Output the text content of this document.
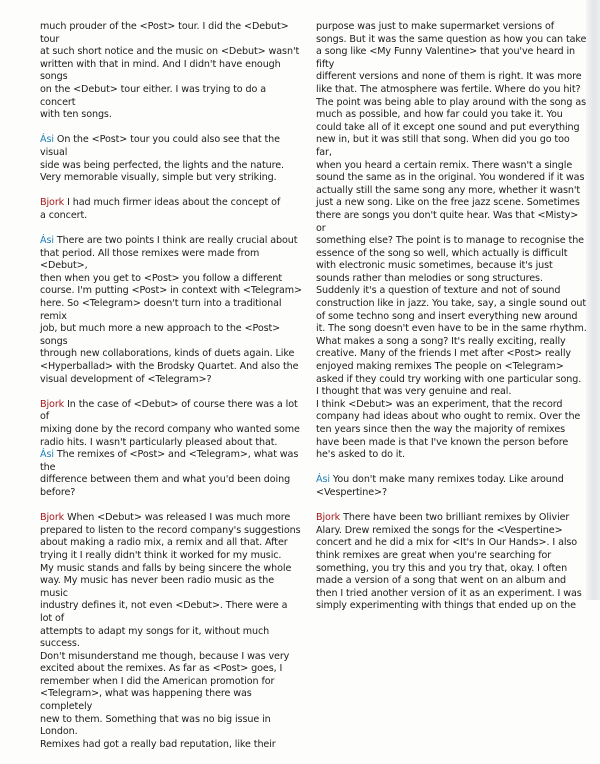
much prouder of the <Post> tour. I did the <Debut> tour
at such short notice and the music on <Debut> wasn't
written with that in mind. And I didn't have enough songs
on the <Debut> tour either. I was trying to do a concert
with ten songs.

Ási On the <Post> tour you could also see that the visual
side was being perfected, the lights and the nature.
Very memorable visually, simple but very striking.

Bjork I had much firmer ideas about the concept of
a concert.

Ási There are two points I think are really crucial about
that period. All those remixes were made from <Debut>,
then when you get to <Post> you follow a different
course. I'm putting <Post> in context with <Telegram>
here. So <Telegram> doesn't turn into a traditional remix
job, but much more a new approach to the <Post> songs
through new collaborations, kinds of duets again. Like
<Hyperballad> with the Brodsky Quartet. And also the
visual development of <Telegram>?

Bjork In the case of <Debut> of course there was a lot of
mixing done by the record company who wanted some
radio hits. I wasn't particularly pleased about that.

Ási The remixes of <Post> and <Telegram>, what was the
difference between them and what you'd been doing
before?

Bjork When <Debut> was released I was much more
prepared to listen to the record company's suggestions
about making a radio mix, a remix and all that. After
trying it I really didn't think it worked for my music.
My music stands and falls by being sincere the whole
way. My music has never been radio music as the music
industry defines it, not even <Debut>. There were a lot of
attempts to adapt my songs for it, without much success.
Don't misunderstand me though, because I was very
excited about the remixes. As far as <Post> goes, I
remember when I did the American promotion for
<Telegram>, what was happening there was completely
new to them. Something that was no big issue in London.
Remixes had got a really bad reputation, like their

purpose was just to make supermarket versions of
songs. But it was the same question as how you can take
a song like <My Funny Valentine> that you've heard in fifty
different versions and none of them is right. It was more
like that. The atmosphere was fertile. Where do you hit?
The point was being able to play around with the song as
much as possible, and how far could you take it. You
could take all of it except one sound and put everything
new in, but it was still that song. When did you go too far,
when you heard a certain remix. There wasn't a single
sound the same as in the original. You wondered if it was
actually still the same song any more, whether it wasn't
just a new song. Like on the free jazz scene. Sometimes
there are songs you don't quite hear. Was that <Misty> or
something else? The point is to manage to recognise the
essence of the song so well, which actually is difficult
with electronic music sometimes, because it's just
sounds rather than melodies or song structures.
Suddenly it's a question of texture and not of sound
construction like in jazz. You take, say, a single sound out
of some techno song and insert everything new around
it. The song doesn't even have to be in the same rhythm.
What makes a song a song? It's really exciting, really
creative. Many of the friends I met after <Post> really
enjoyed making remixes The people on <Telegram>
asked if they could try working with one particular song.
I thought that was very genuine and real.
I think <Debut> was an experiment, that the record
company had ideas about who ought to remix. Over the
ten years since then the way the majority of remixes
have been made is that I've known the person before
he's asked to do it.

Ási You don't make many remixes today. Like around
<Vespertine>?

Bjork There have been two brilliant remixes by Olivier
Alary. Drew remixed the songs for the <Vespertine>
concert and he did a mix for <It's In Our Hands>. I also
think remixes are great when you're searching for
something, you try this and you try that, okay. I often
made a version of a song that went on an album and
then I tried another version of it as an experiment. I was
simply experimenting with things that ended up on the
